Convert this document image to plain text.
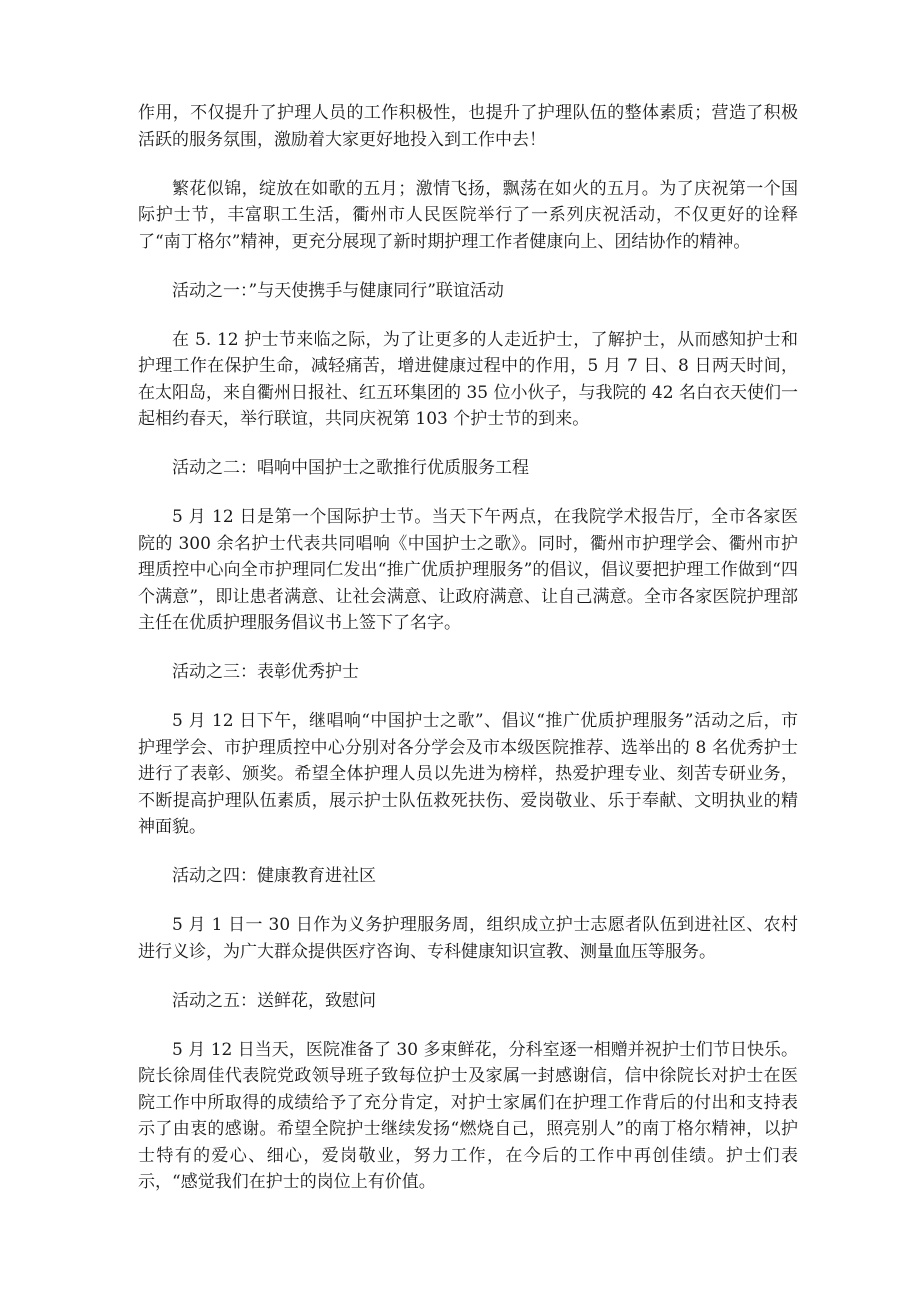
作用，不仅提升了护理人员的工作积极性，也提升了护理队伍的整体素质；营造了积极活跃的服务氛围，激励着大家更好地投入到工作中去！

繁花似锦，绽放在如歌的五月；激情飞扬，飘荡在如火的五月。为了庆祝第一个国际护士节，丰富职工生活，衢州市人民医院举行了一系列庆祝活动，不仅更好的诠释了“南丁格尔”精神，更充分展现了新时期护理工作者健康向上、团结协作的精神。

活动之一：”与天使携手与健康同行”联谊活动

在 5. 12 护士节来临之际，为了让更多的人走近护士，了解护士，从而感知护士和护理工作在保护生命，减轻痛苦，增进健康过程中的作用，5 月 7 日、8 日两天时间，在太阳岛，来自衢州日报社、红五环集团的 35 位小伙子，与我院的 42 名白衣天使们一起相约春天，举行联谊，共同庆祝第 103 个护士节的到来。

活动之二：唱响中国护士之歌推行优质服务工程

5 月 12 日是第一个国际护士节。当天下午两点，在我院学术报告厅，全市各家医院的 300 余名护士代表共同唱响《中国护士之歌》。同时，衢州市护理学会、衢州市护理质控中心向全市护理同仁发出“推广优质护理服务”的倡议，倡议要把护理工作做到“四个满意”，即让患者满意、让社会满意、让政府满意、让自己满意。全市各家医院护理部主任在优质护理服务倡议书上签下了名字。

活动之三：表彰优秀护士

5 月 12 日下午，继唱响“中国护士之歌”、倡议“推广优质护理服务”活动之后，市护理学会、市护理质控中心分别对各分学会及市本级医院推荐、选举出的 8 名优秀护士进行了表彰、颁奖。希望全体护理人员以先进为榜样，热爱护理专业、刻苦专研业务，不断提高护理队伍素质，展示护士队伍救死扶伤、爱岗敬业、乐于奉献、文明执业的精神面貌。

活动之四：健康教育进社区

5 月 1 日一 30 日作为义务护理服务周，组织成立护士志愿者队伍到进社区、农村进行义诊，为广大群众提供医疗咨询、专科健康知识宣教、测量血压等服务。

活动之五：送鲜花，致慰问

5 月 12 日当天，医院准备了 30 多束鲜花，分科室逐一相赠并祝护士们节日快乐。院长徐周佳代表院党政领导班子致每位护士及家属一封感谢信，信中徐院长对护士在医院工作中所取得的成绩给予了充分肯定，对护士家属们在护理工作背后的付出和支持表示了由衷的感谢。希望全院护士继续发扬“燃烧自己，照亮别人”的南丁格尔精神，以护士特有的爱心、细心，爱岗敬业，努力工作，在今后的工作中再创佳绩。护士们表示，“感觉我们在护士的岗位上有价值。
